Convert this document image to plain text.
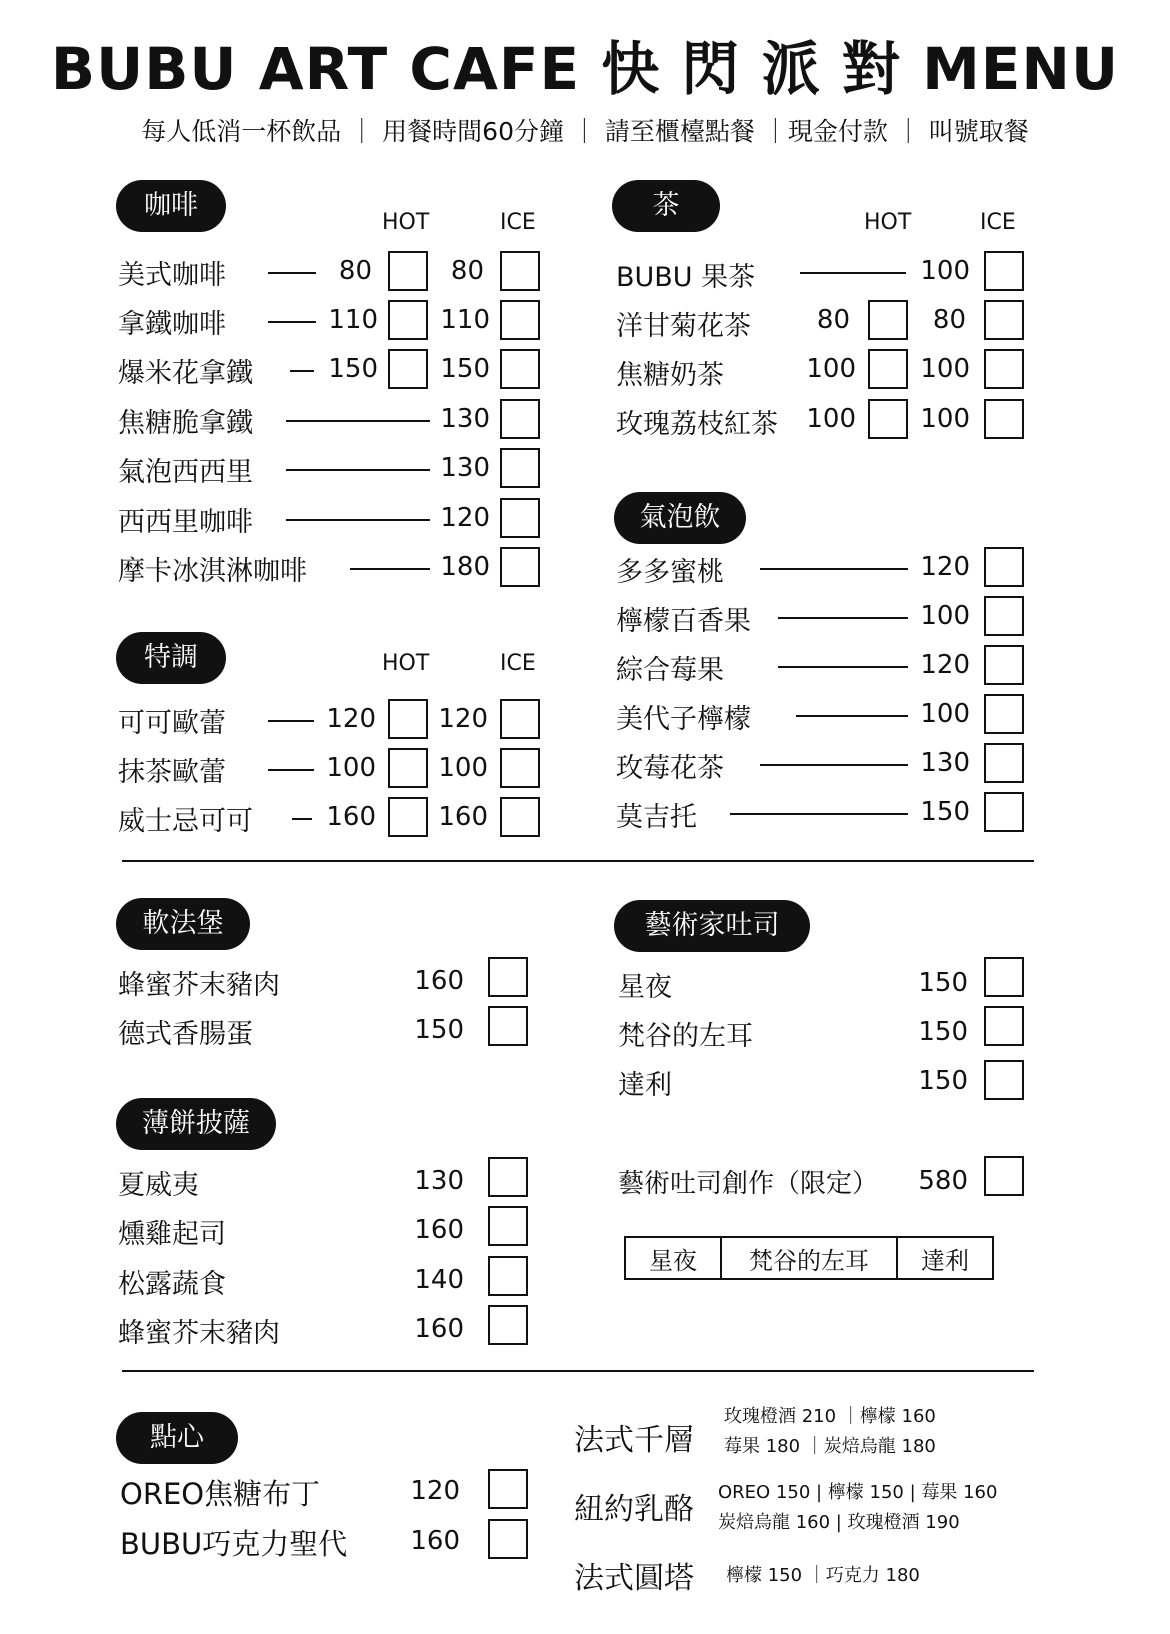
BUBU ART CAFE 快 閃 派 對 MENU
每人低消一杯飲品 ｜ 用餐時間60分鐘 ｜ 請至櫃檯點餐 ｜現金付款 ｜ 叫號取餐
咖啡
HOT	ICE
美式咖啡	80	80
拿鐵咖啡	110	110
爆米花拿鐵	150	150
焦糖脆拿鐵	130
氣泡西西里	130
西西里咖啡	120
摩卡冰淇淋咖啡	180
特調	HOT	ICE
可可歐蕾	120	120
抹茶歐蕾	100	100
威士忌可可	160	160
茶
HOT	ICE
BUBU 果茶	100
洋甘菊花茶	80	80
焦糖奶茶	100	100
玫瑰荔枝紅茶	100	100
氣泡飲
多多蜜桃	120
檸檬百香果	100
綜合莓果	120
美代子檸檬	100
玫莓花茶	130
莫吉托	150
軟法堡
蜂蜜芥末豬肉	160
德式香腸蛋	150
薄餅披薩
夏威夷	130
燻雞起司	160
松露蔬食	140
蜂蜜芥末豬肉	160
藝術家吐司
星夜	150
梵谷的左耳	150
達利	150
藝術吐司創作（限定）	580
星夜	梵谷的左耳	達利
點心
OREO焦糖布丁	120
BUBU巧克力聖代	160
法式千層
玫瑰橙酒 210 ｜檸檬 160
莓果 180 ｜炭焙烏龍 180
紐約乳酪 OREO 150 | 檸檬 150 | 莓果 160
炭焙烏龍 160 | 玫瑰橙酒 190
法式圓塔 檸檬 150 ｜巧克力 180
